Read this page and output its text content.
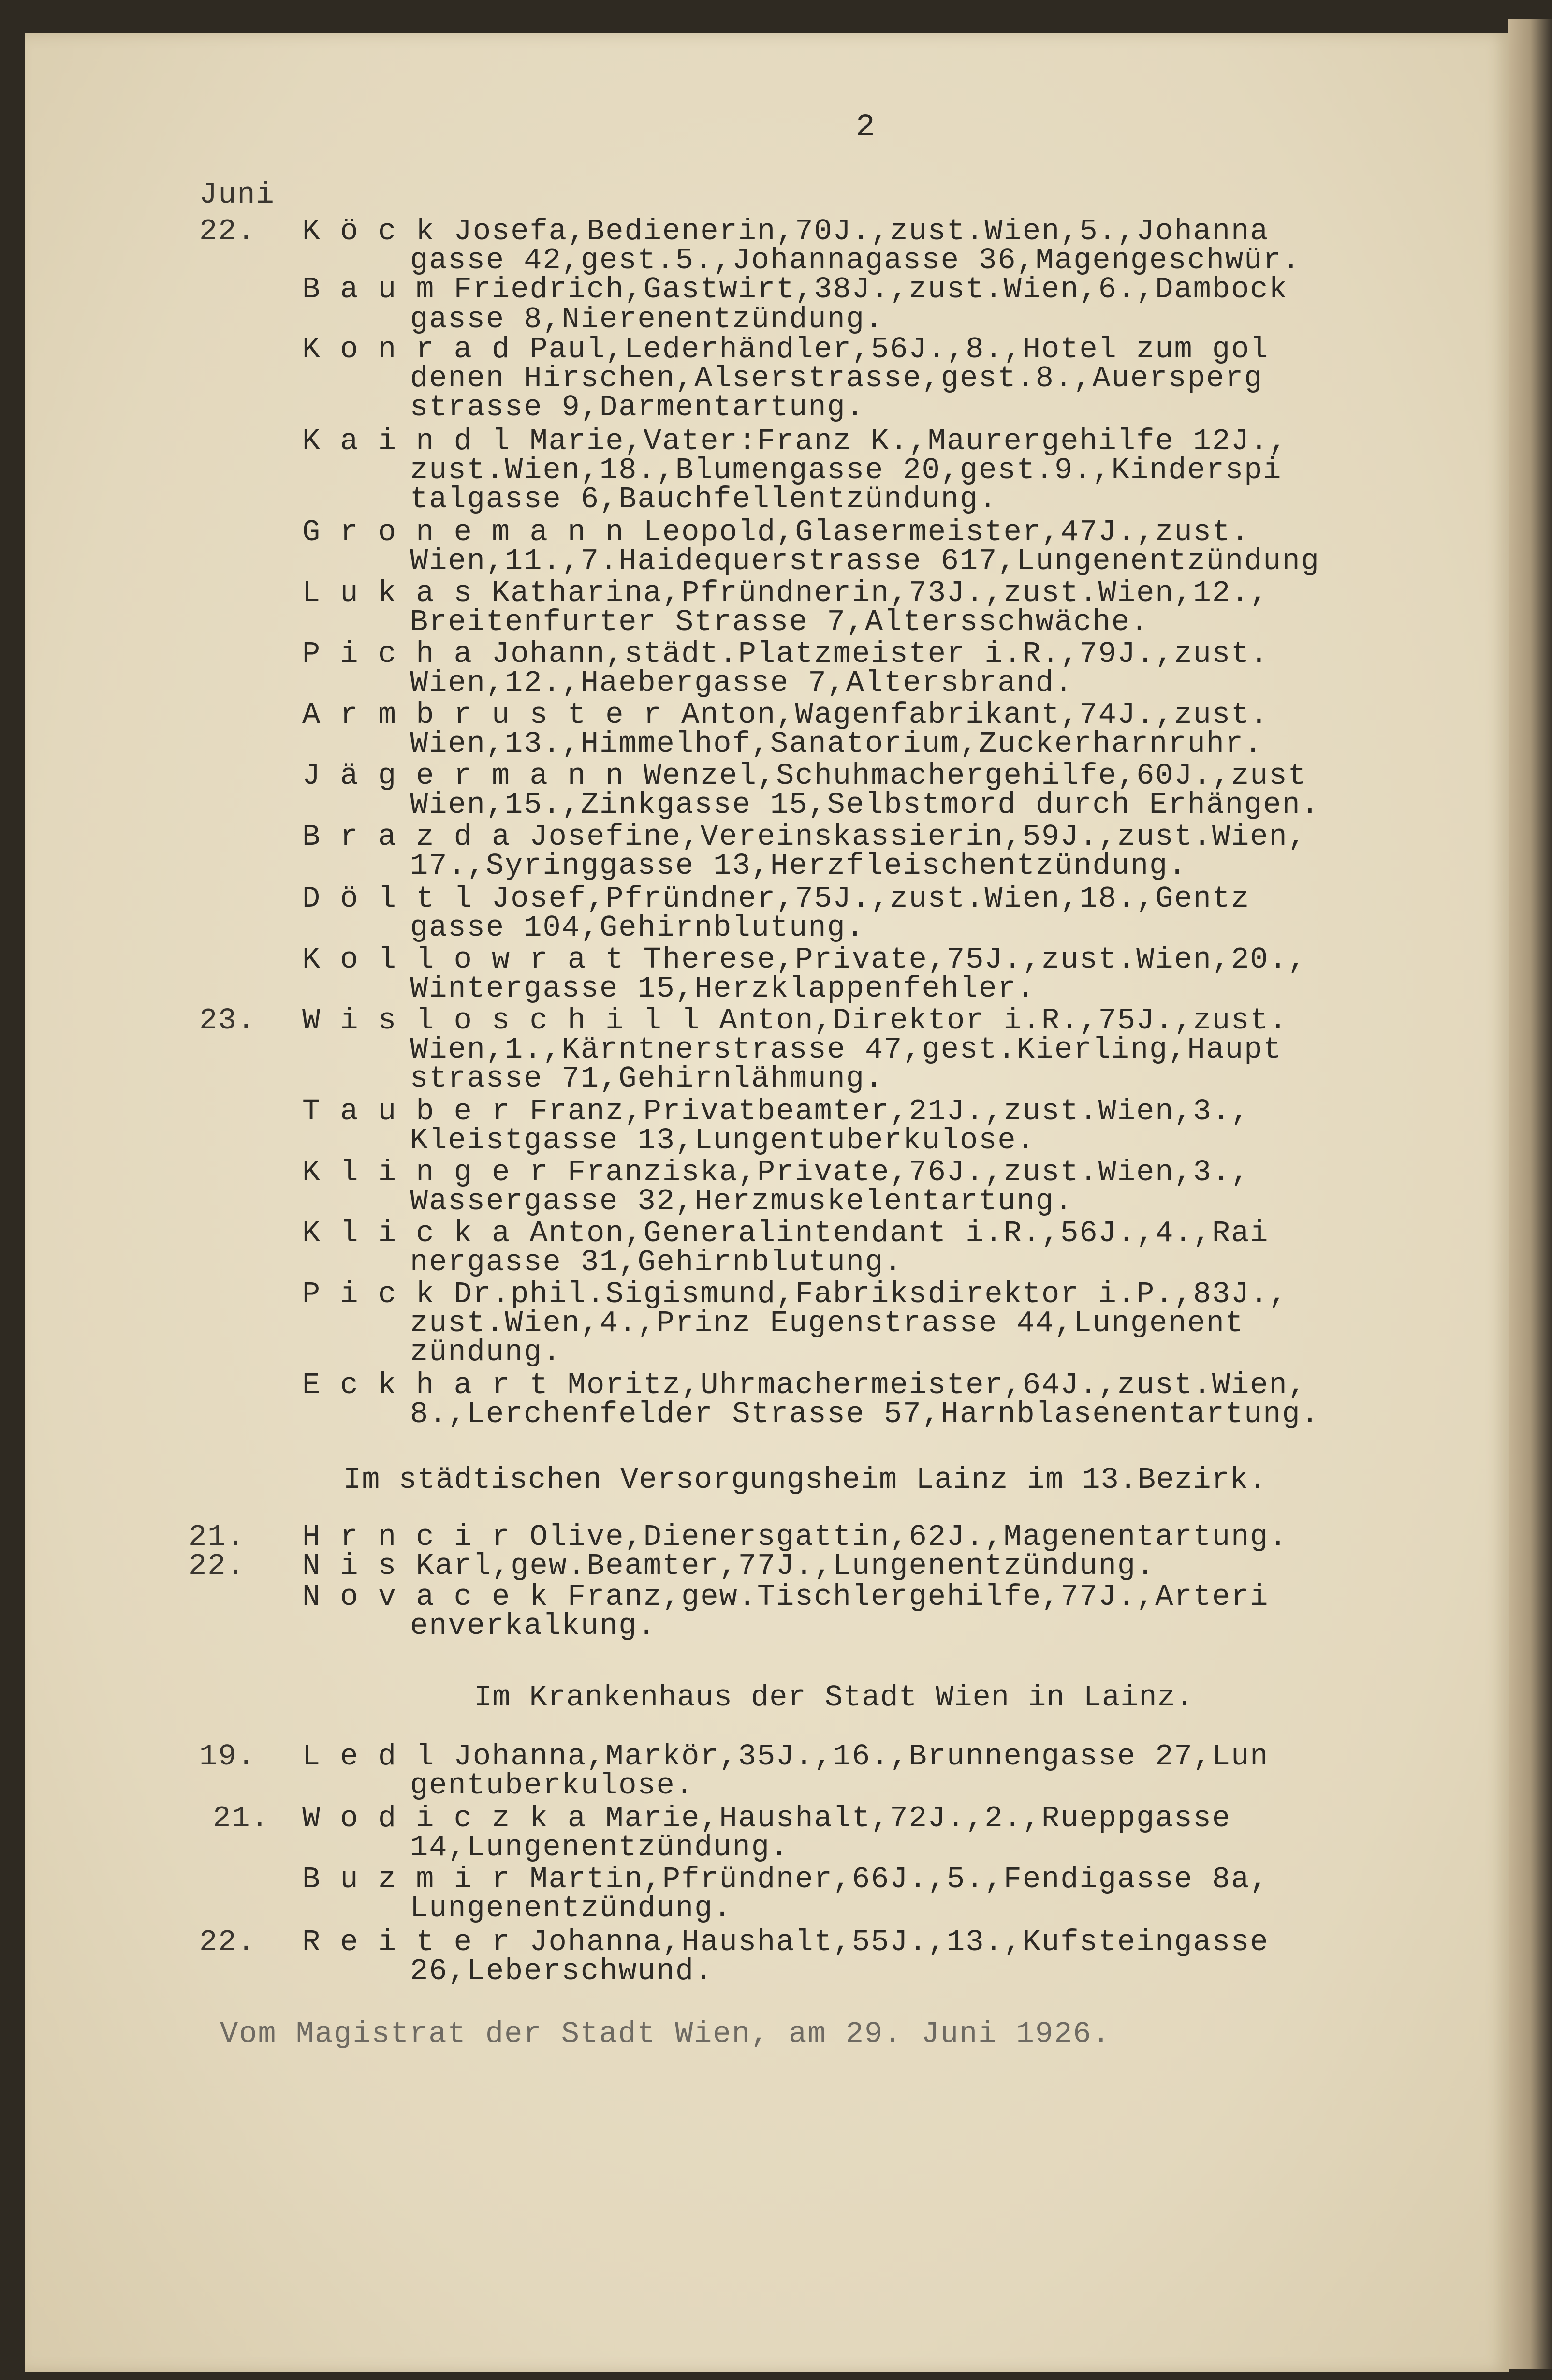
2
Juni
22. K ö c k Josefa,Bedienerin,70J.,zust.Wien,5.,Johanna
gasse 42,gest.5.,Johannagasse 36,Magengeschwür.
B a u m Friedrich,Gastwirt,38J.,zust.Wien,6.,Dambock
gasse 8,Nierenentzündung.
K o n r a d Paul,Lederhändler,56J.,8.,Hotel zum gol
denen Hirschen,Alserstrasse,gest.8.,Auersperg
strasse 9,Darmentartung.
K a i n d l Marie,Vater:Franz K.,Maurergehilfe 12J.,
zust.Wien,18.,Blumengasse 20,gest.9.,Kinderspi
talgasse 6,Bauchfellentzündung.
G r o n e m a n n Leopold,Glasermeister,47J.,zust.
Wien,11.,7.Haidequerstrasse 617,Lungenentzündung
L u k a s Katharina,Pfründnerin,73J.,zust.Wien,12.,
Breitenfurter Strasse 7,Altersschwäche.
P i c h a Johann,städt.Platzmeister i.R.,79J.,zust.
Wien,12.,Haebergasse 7,Altersbrand.
A r m b r u s t e r Anton,Wagenfabrikant,74J.,zust.
Wien,13.,Himmelhof,Sanatorium,Zuckerharnruhr.
J ä g e r m a n n Wenzel,Schuhmachergehilfe,60J.,zust
Wien,15.,Zinkgasse 15,Selbstmord durch Erhängen.
B r a z d a Josefine,Vereinskassierin,59J.,zust.Wien,
17.,Syringgasse 13,Herzfleischentzündung.
D ö l t l Josef,Pfründner,75J.,zust.Wien,18.,Gentz
gasse 104,Gehirnblutung.
K o l l o w r a t Therese,Private,75J.,zust.Wien,20.,
Wintergasse 15,Herzklappenfehler.
23. W i s l o s c h i l l Anton,Direktor i.R.,75J.,zust.
Wien,1.,Kärntnerstrasse 47,gest.Kierling,Haupt
strasse 71,Gehirnlähmung.
T a u b e r Franz,Privatbeamter,21J.,zust.Wien,3.,
Kleistgasse 13,Lungentuberkulose.
K l i n g e r Franziska,Private,76J.,zust.Wien,3.,
Wassergasse 32,Herzmuskelentartung.
K l i c k a Anton,Generalintendant i.R.,56J.,4.,Rai
nergasse 31,Gehirnblutung.
P i c k Dr.phil.Sigismund,Fabriksdirektor i.P.,83J.,
zust.Wien,4.,Prinz Eugenstrasse 44,Lungenent
zündung.
E c k h a r t Moritz,Uhrmachermeister,64J.,zust.Wien,
8.,Lerchenfelder Strasse 57,Harnblasenentartung.
Im städtischen Versorgungsheim Lainz im 13.Bezirk.
21. H r n c i r Olive,Dienersgattin,62J.,Magenentartung.
22. N i s Karl,gew.Beamter,77J.,Lungenentzündung.
N o v a c e k Franz,gew.Tischlergehilfe,77J.,Arteri
enverkalkung.
Im Krankenhaus der Stadt Wien in Lainz.
19. L e d l Johanna,Markör,35J.,16.,Brunnengasse 27,Lun
gentuberkulose.
21. W o d i c z k a Marie,Haushalt,72J.,2.,Rueppgasse
14,Lungenentzündung.
B u z m i r Martin,Pfründner,66J.,5.,Fendigasse 8a,
Lungenentzündung.
22. R e i t e r Johanna,Haushalt,55J.,13.,Kufsteingasse
26,Leberschwund.
Vom Magistrat der Stadt Wien, am 29. Juni 1926.
